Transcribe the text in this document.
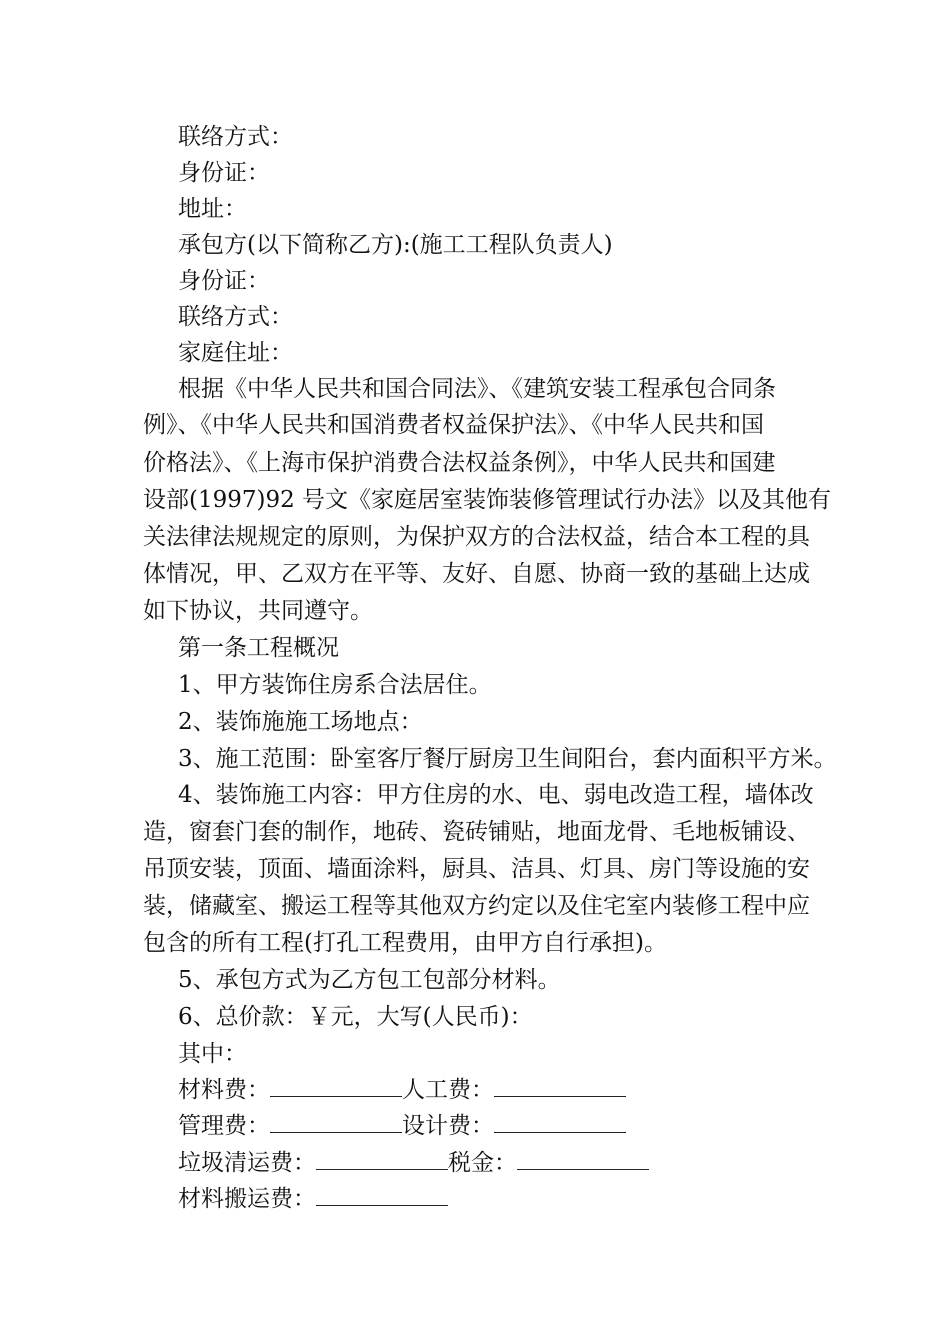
联络方式：
身份证：
地址：
承包方(以下简称乙方):(施工工程队负责人)
身份证：
联络方式：
家庭住址：
根据《中华人民共和国合同法》、《建筑安装工程承包合同条
例》、《中华人民共和国消费者权益保护法》、《中华人民共和国
价格法》、《上海市保护消费合法权益条例》，中华人民共和国建
设部(1997)92 号文《家庭居室装饰装修管理试行办法》以及其他有
关法律法规规定的原则，为保护双方的合法权益，结合本工程的具
体情况，甲、乙双方在平等、友好、自愿、协商一致的基础上达成
如下协议，共同遵守。
第一条工程概况
1、甲方装饰住房系合法居住。
2、装饰施施工场地点：
3、施工范围：卧室客厅餐厅厨房卫生间阳台，套内面积平方米。
4、装饰施工内容：甲方住房的水、电、弱电改造工程，墙体改
造，窗套门套的制作，地砖、瓷砖铺贴，地面龙骨、毛地板铺设、
吊顶安装，顶面、墙面涂料，厨具、洁具、灯具、房门等设施的安
装，储藏室、搬运工程等其他双方约定以及住宅室内装修工程中应
包含的所有工程(打孔工程费用，由甲方自行承担)。
5、承包方式为乙方包工包部分材料。
6、总价款：￥元，大写(人民币)：
其中：
材料费：	人工费：
管理费：	设计费：
垃圾清运费：	税金：
材料搬运费：
